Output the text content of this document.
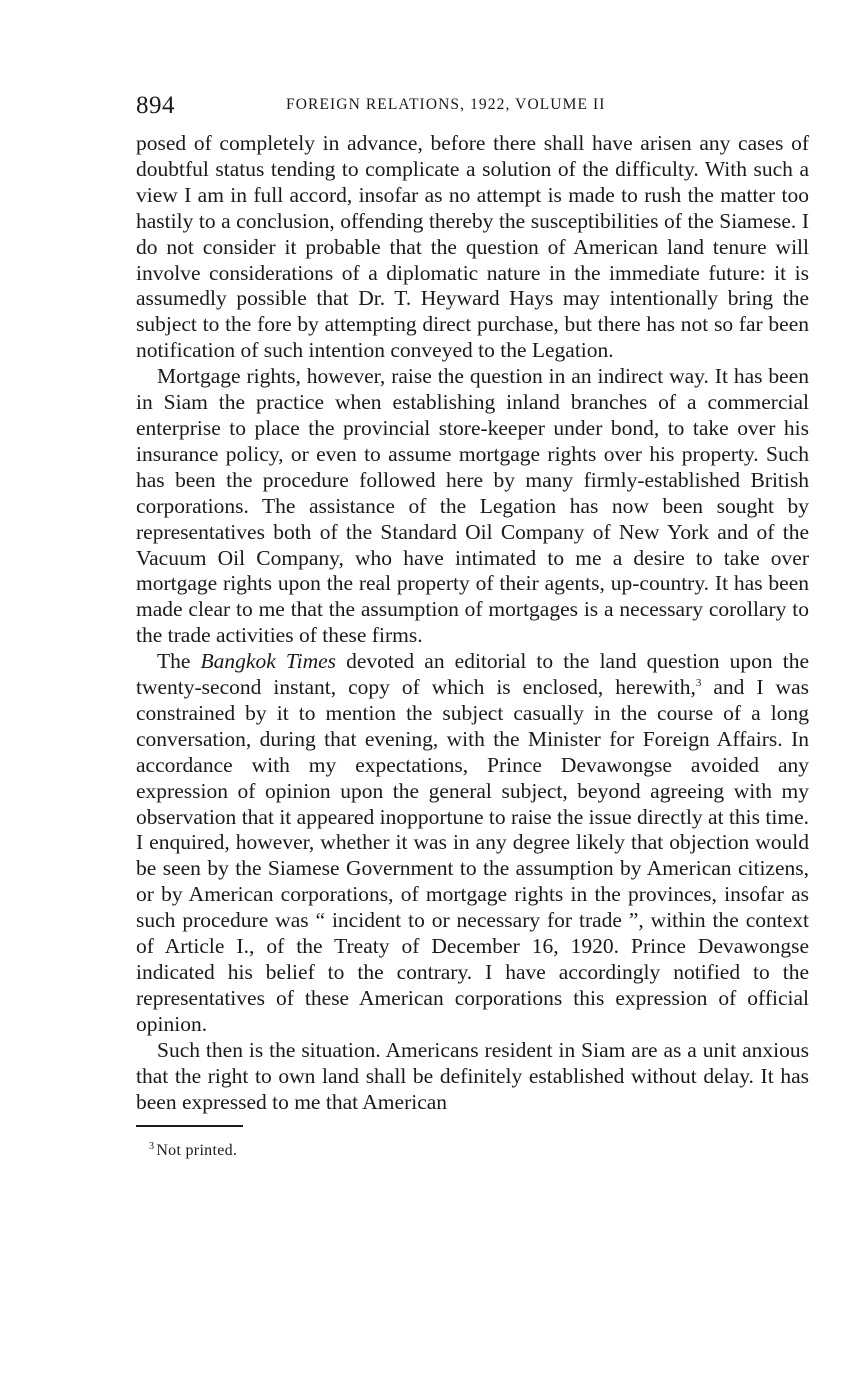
894	FOREIGN RELATIONS, 1922, VOLUME II

posed of completely in advance, before there shall have arisen any cases of doubtful status tending to complicate a solution of the difficulty. With such a view I am in full accord, insofar as no attempt is made to rush the matter too hastily to a conclusion, offending thereby the susceptibilities of the Siamese. I do not consider it probable that the question of American land tenure will involve considerations of a diplomatic nature in the immediate future: it is assumedly possible that Dr. T. Heyward Hays may intentionally bring the subject to the fore by attempting direct purchase, but there has not so far been notification of such intention conveyed to the Legation.

Mortgage rights, however, raise the question in an indirect way. It has been in Siam the practice when establishing inland branches of a commercial enterprise to place the provincial store-keeper under bond, to take over his insurance policy, or even to assume mortgage rights over his property. Such has been the procedure followed here by many firmly-established British corporations. The assistance of the Legation has now been sought by representatives both of the Standard Oil Company of New York and of the Vacuum Oil Company, who have intimated to me a desire to take over mortgage rights upon the real property of their agents, up-country. It has been made clear to me that the assumption of mortgages is a necessary corollary to the trade activities of these firms.

The Bangkok Times devoted an editorial to the land question upon the twenty-second instant, copy of which is enclosed, herewith,$^3$ and I was constrained by it to mention the subject casually in the course of a long conversation, during that evening, with the Minister for Foreign Affairs. In accordance with my expectations, Prince Devawongse avoided any expression of opinion upon the general subject, beyond agreeing with my observation that it appeared inopportune to raise the issue directly at this time. I enquired, however, whether it was in any degree likely that objection would be seen by the Siamese Government to the assumption by American citizens, or by American corporations, of mortgage rights in the provinces, insofar as such procedure was “ incident to or necessary for trade ”, within the context of Article I., of the Treaty of December 16, 1920. Prince Devawongse indicated his belief to the contrary. I have accordingly notified to the representatives of these American corporations this expression of official opinion.

Such then is the situation. Americans resident in Siam are as a unit anxious that the right to own land shall be definitely established without delay. It has been expressed to me that American

$^3$ Not printed.
